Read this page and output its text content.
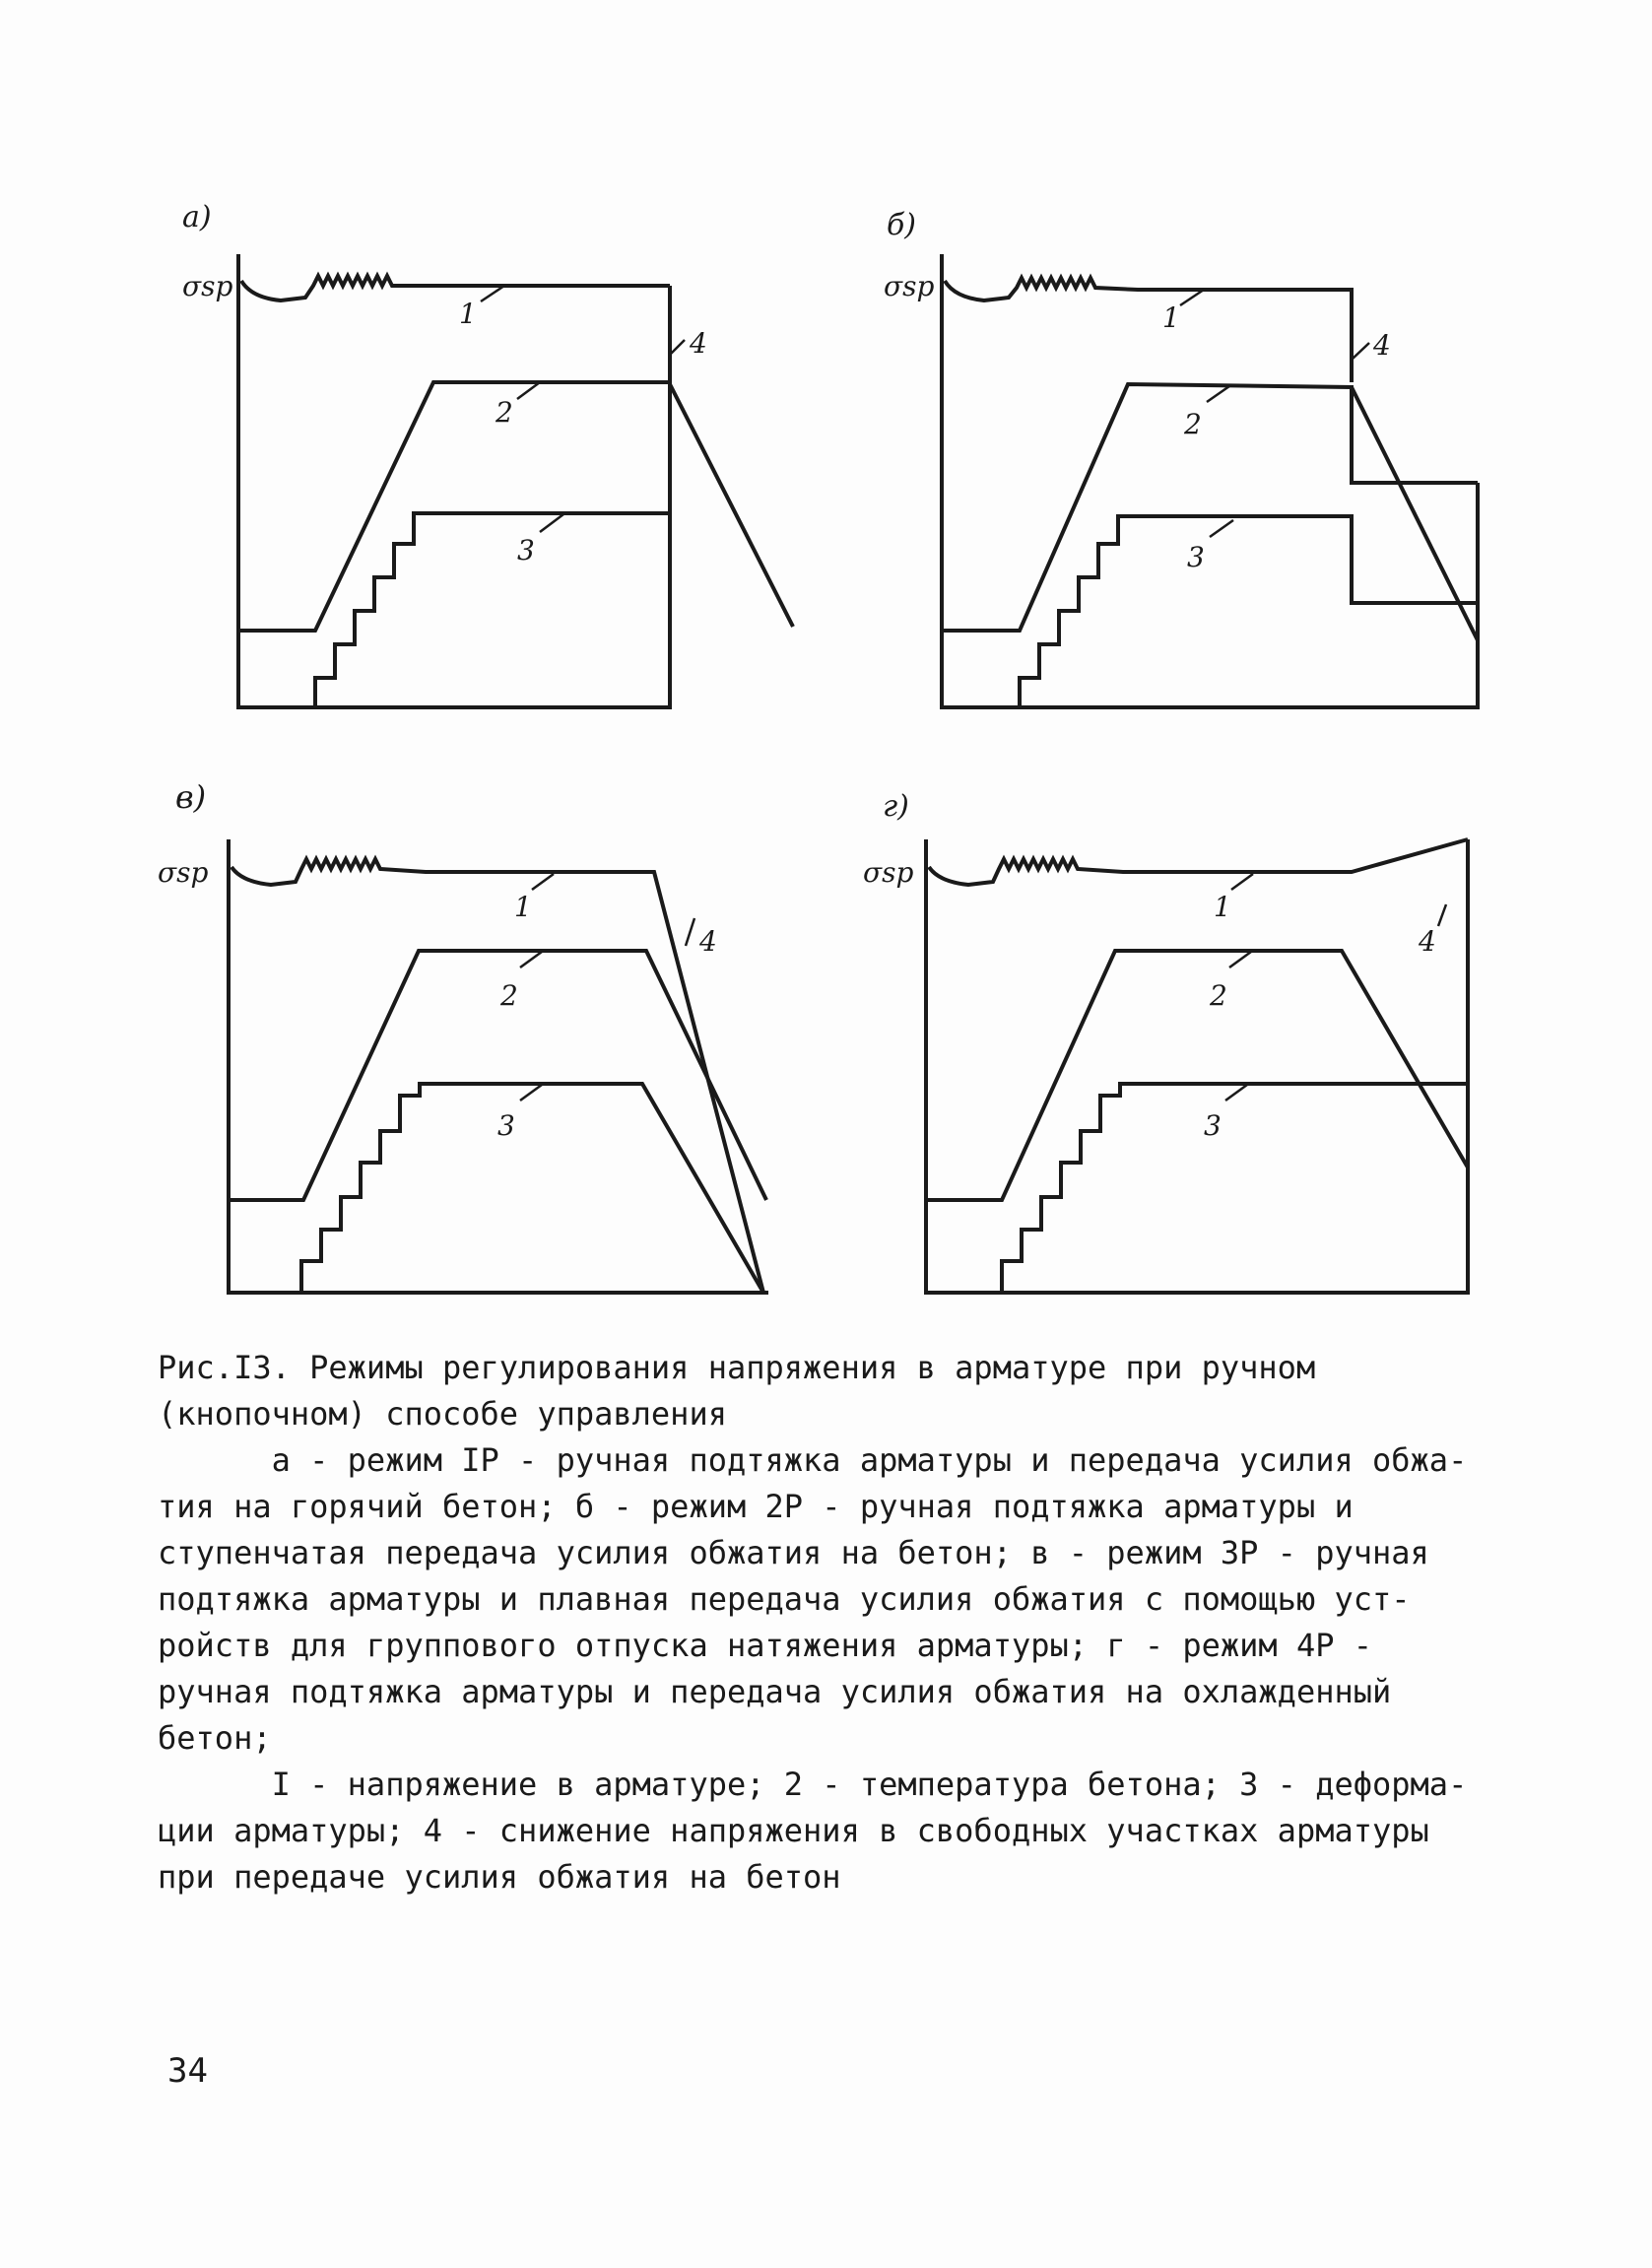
a)
σsp
1
2
3
4
б)
σsp
1
2
3
4
в)
σsp
1
2
3
4
г)
σsp
1
2
3
4
Рис.I3. Режимы регулирования напряжения в арматуре при ручном
(кнопочном) способе управления
а - режим IP - ручная подтяжка арматуры и передача усилия обжа-
тия на горячий бетон; б - режим 2P - ручная подтяжка арматуры и
ступенчатая передача усилия обжатия на бетон; в - режим 3P - ручная
подтяжка арматуры и плавная передача усилия обжатия с помощью уст-
ройств для группового отпуска натяжения арматуры; г - режим 4P -
ручная подтяжка арматуры и передача усилия обжатия на охлажденный
бетон;
I - напряжение в арматуре; 2 - температура бетона; 3 - деформа-
ции арматуры; 4 - снижение напряжения в свободных участках арматуры
при передаче усилия обжатия на бетон
34
